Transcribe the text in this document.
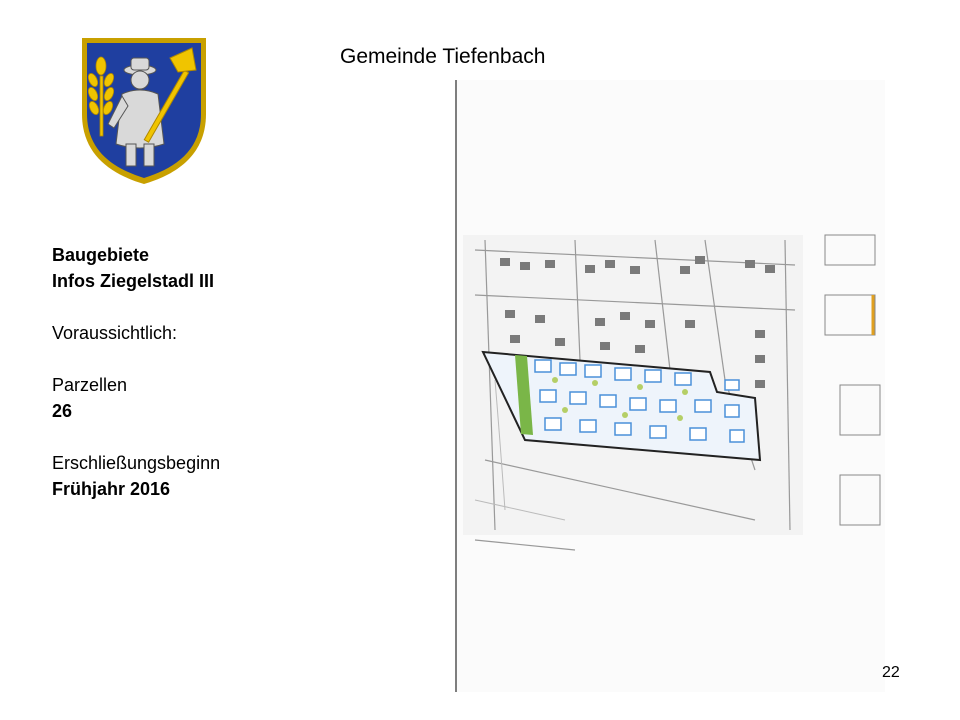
Gemeinde Tiefenbach
Baugebiete
Infos Ziegelstadl III
Voraussichtlich:
Parzellen
26
Erschließungsbeginn
Frühjahr 2016
22
